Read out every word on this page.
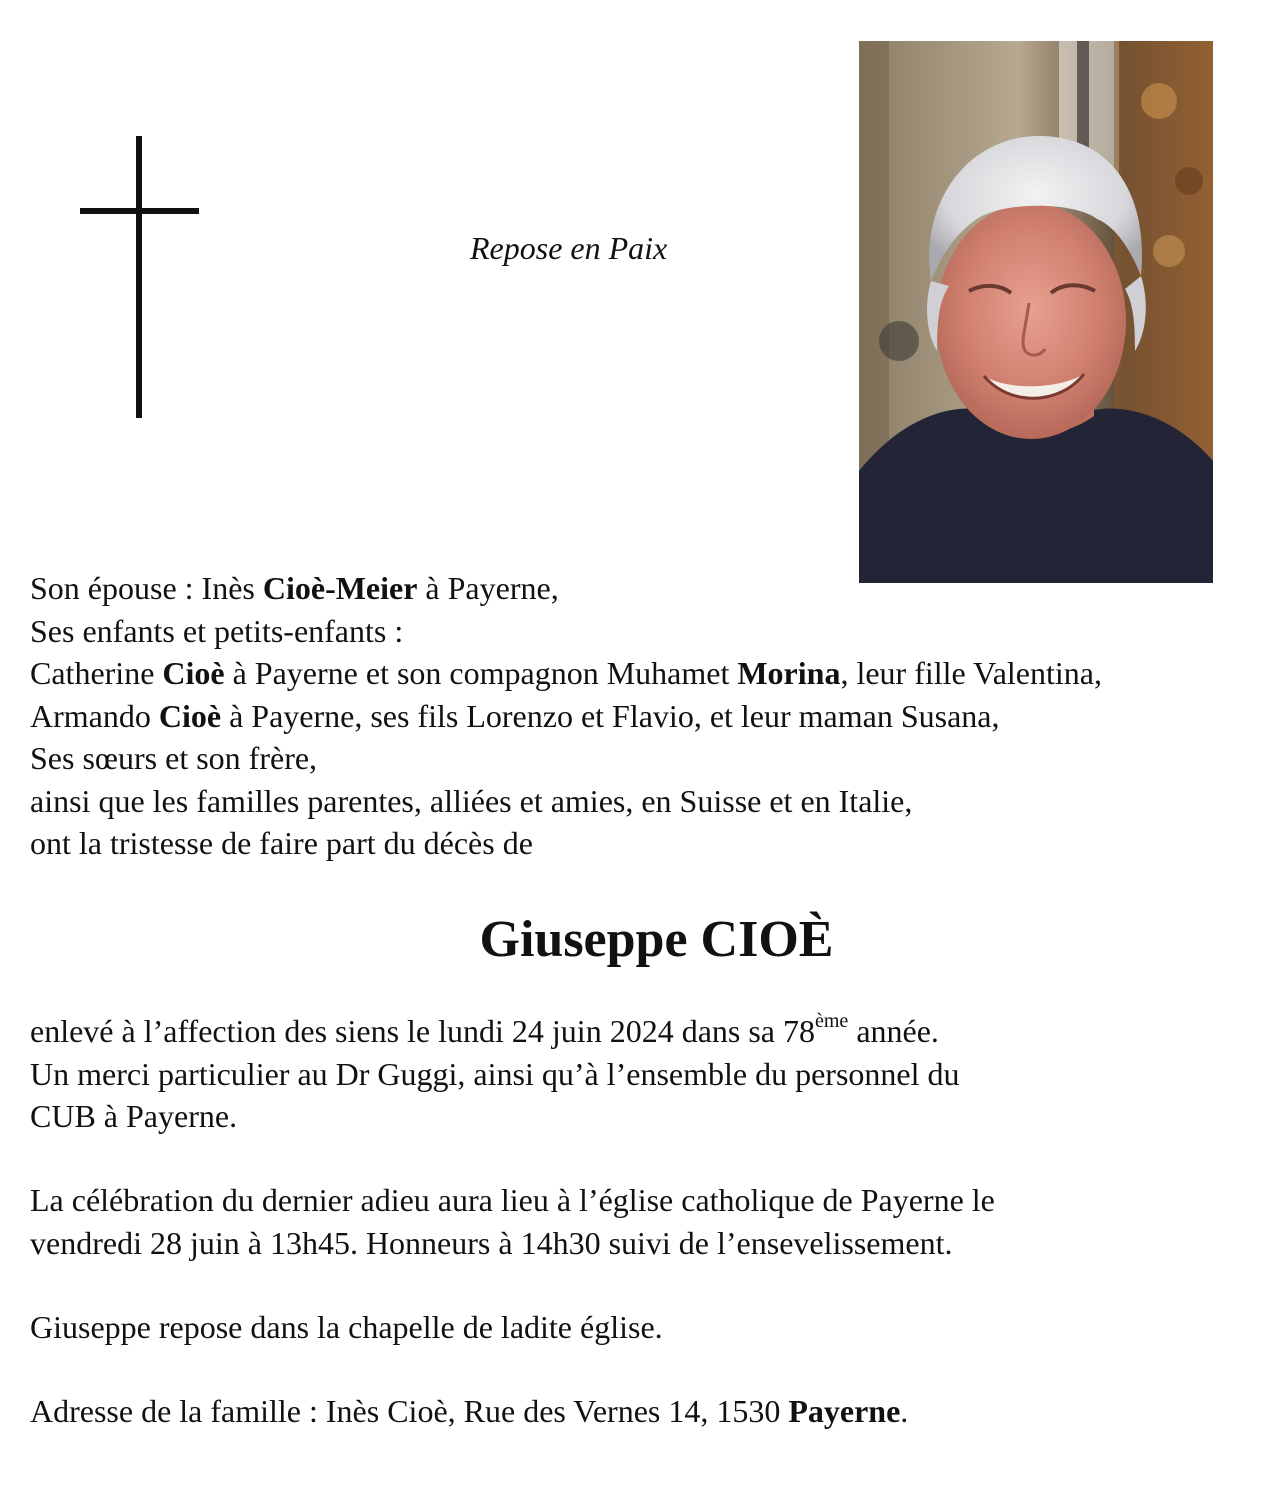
Repose en Paix
Son épouse : Inès Cioè-Meier à Payerne,
Ses enfants et petits-enfants :
Catherine Cioè à Payerne et son compagnon Muhamet Morina, leur fille Valentina,
Armando Cioè à Payerne, ses fils Lorenzo et Flavio, et leur maman Susana,
Ses sœurs et son frère,
ainsi que les familles parentes, alliées et amies, en Suisse et en Italie,
ont la tristesse de faire part du décès de
Giuseppe CIOÈ
enlevé à l’affection des siens le lundi 24 juin 2024 dans sa 78ème année.
Un merci particulier au Dr Guggi, ainsi qu’à l’ensemble du personnel du
CUB à Payerne.
La célébration du dernier adieu aura lieu à l’église catholique de Payerne le
vendredi 28 juin à 13h45. Honneurs à 14h30 suivi de l’ensevelissement.
Giuseppe repose dans la chapelle de ladite église.
Adresse de la famille : Inès Cioè, Rue des Vernes 14, 1530 Payerne.
